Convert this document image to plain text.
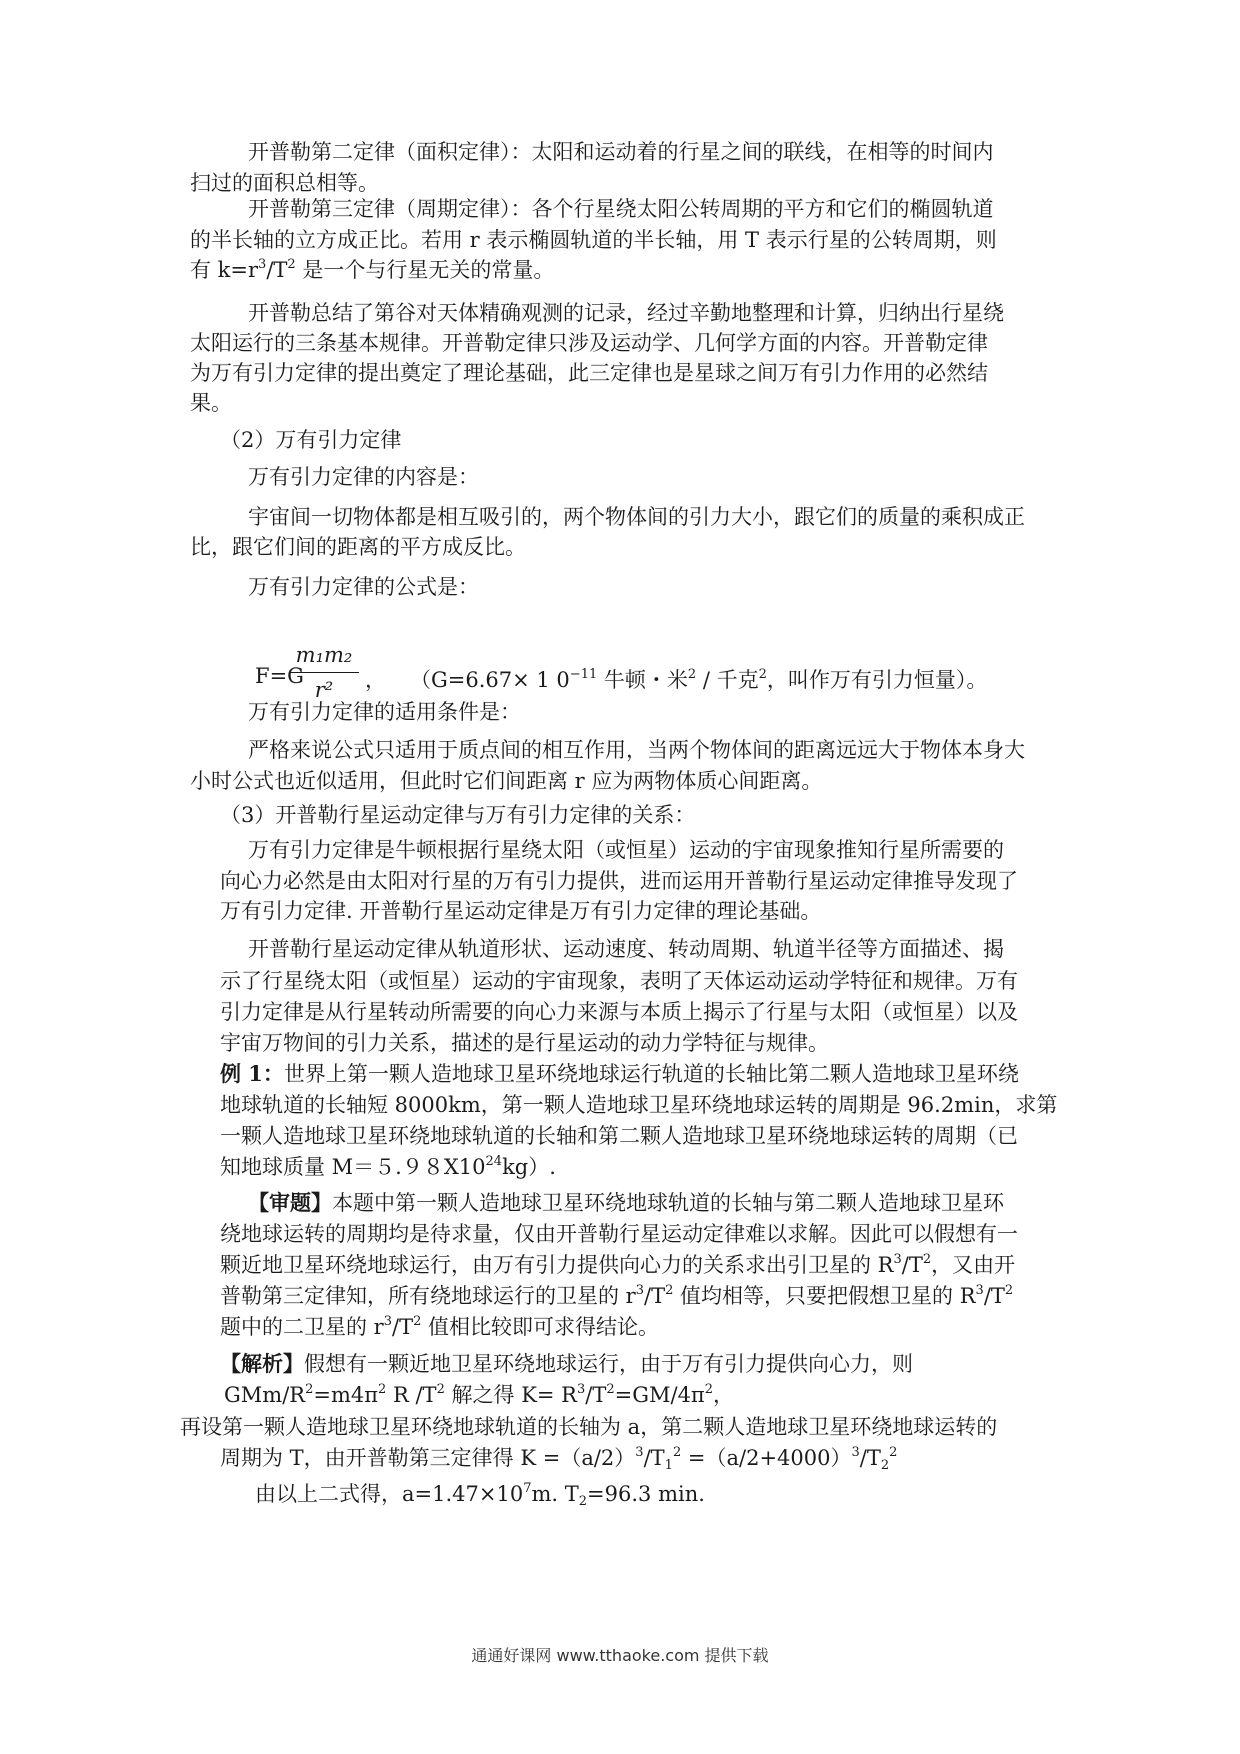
开普勒第二定律（面积定律）：太阳和运动着的行星之间的联线，在相等的时间内
扫过的面积总相等。
开普勒第三定律（周期定律）：各个行星绕太阳公转周期的平方和它们的椭圆轨道
的半长轴的立方成正比。若用 r 表示椭圆轨道的半长轴，用 T 表示行星的公转周期，则
有 $k=r^3/T^2$ 是一个与行星无关的常量。
开普勒总结了第谷对天体精确观测的记录，经过辛勤地整理和计算，归纳出行星绕
太阳运行的三条基本规律。开普勒定律只涉及运动学、几何学方面的内容。开普勒定律
为万有引力定律的提出奠定了理论基础，此三定律也是星球之间万有引力作用的必然结
果。
（2）万有引力定律
万有引力定律的内容是：
宇宙间一切物体都是相互吸引的，两个物体间的引力大小，跟它们的质量的乘积成正
比，跟它们间的距离的平方成反比。
万有引力定律的公式是：
F=G
m₁m₂
r²	， （G=6.67× 1 $0^{-11}$ 牛顿・米$^2$ / 千克$^2$，叫作万有引力恒量）。
万有引力定律的适用条件是：
严格来说公式只适用于质点间的相互作用，当两个物体间的距离远远大于物体本身大
小时公式也近似适用，但此时它们间距离 r 应为两物体质心间距离。
（3）开普勒行星运动定律与万有引力定律的关系：
万有引力定律是牛顿根据行星绕太阳（或恒星）运动的宇宙现象推知行星所需要的
向心力必然是由太阳对行星的万有引力提供，进而运用开普勒行星运动定律推导发现了
万有引力定律. 开普勒行星运动定律是万有引力定律的理论基础。
开普勒行星运动定律从轨道形状、运动速度、转动周期、轨道半径等方面描述、揭
示了行星绕太阳（或恒星）运动的宇宙现象，表明了天体运动运动学特征和规律。万有
引力定律是从行星转动所需要的向心力来源与本质上揭示了行星与太阳（或恒星）以及
宇宙万物间的引力关系，描述的是行星运动的动力学特征与规律。
例 1：世界上第一颗人造地球卫星环绕地球运行轨道的长轴比第二颗人造地球卫星环绕
地球轨道的长轴短 8000km，第一颗人造地球卫星环绕地球运转的周期是 96.2min，求第
一颗人造地球卫星环绕地球轨道的长轴和第二颗人造地球卫星环绕地球运转的周期（已
知地球质量 $M=5.98X10^{24}kg$）.
【审题】本题中第一颗人造地球卫星环绕地球轨道的长轴与第二颗人造地球卫星环
绕地球运转的周期均是待求量，仅由开普勒行星运动定律难以求解。因此可以假想有一
颗近地卫星环绕地球运行，由万有引力提供向心力的关系求出引卫星的 $R^3/T^2$，又由开
普勒第三定律知，所有绕地球运行的卫星的 $r^3/T^2$ 值均相等，只要把假想卫星的 $R^3/T^2$
题中的二卫星的 $r^3/T^2$ 值相比较即可求得结论。
【解析】假想有一颗近地卫星环绕地球运行，由于万有引力提供向心力，则
GMm/$R^2=m4\pi^2$ R $/T^2$ 解之得 $K= R^3/T^2=GM/4\pi^2$，
再设第一颗人造地球卫星环绕地球轨道的长轴为 a，第二颗人造地球卫星环绕地球运转的
周期为 T，由开普勒第三定律得 $K =(a/2)^3/T_1^2 =(a/2+4000)^3/T_2^2$
由以上二式得，$a=1.47\times 10^7m$. $T_2=96.3$ min.
通通好课网 www.tthaoke.com 提供下载
